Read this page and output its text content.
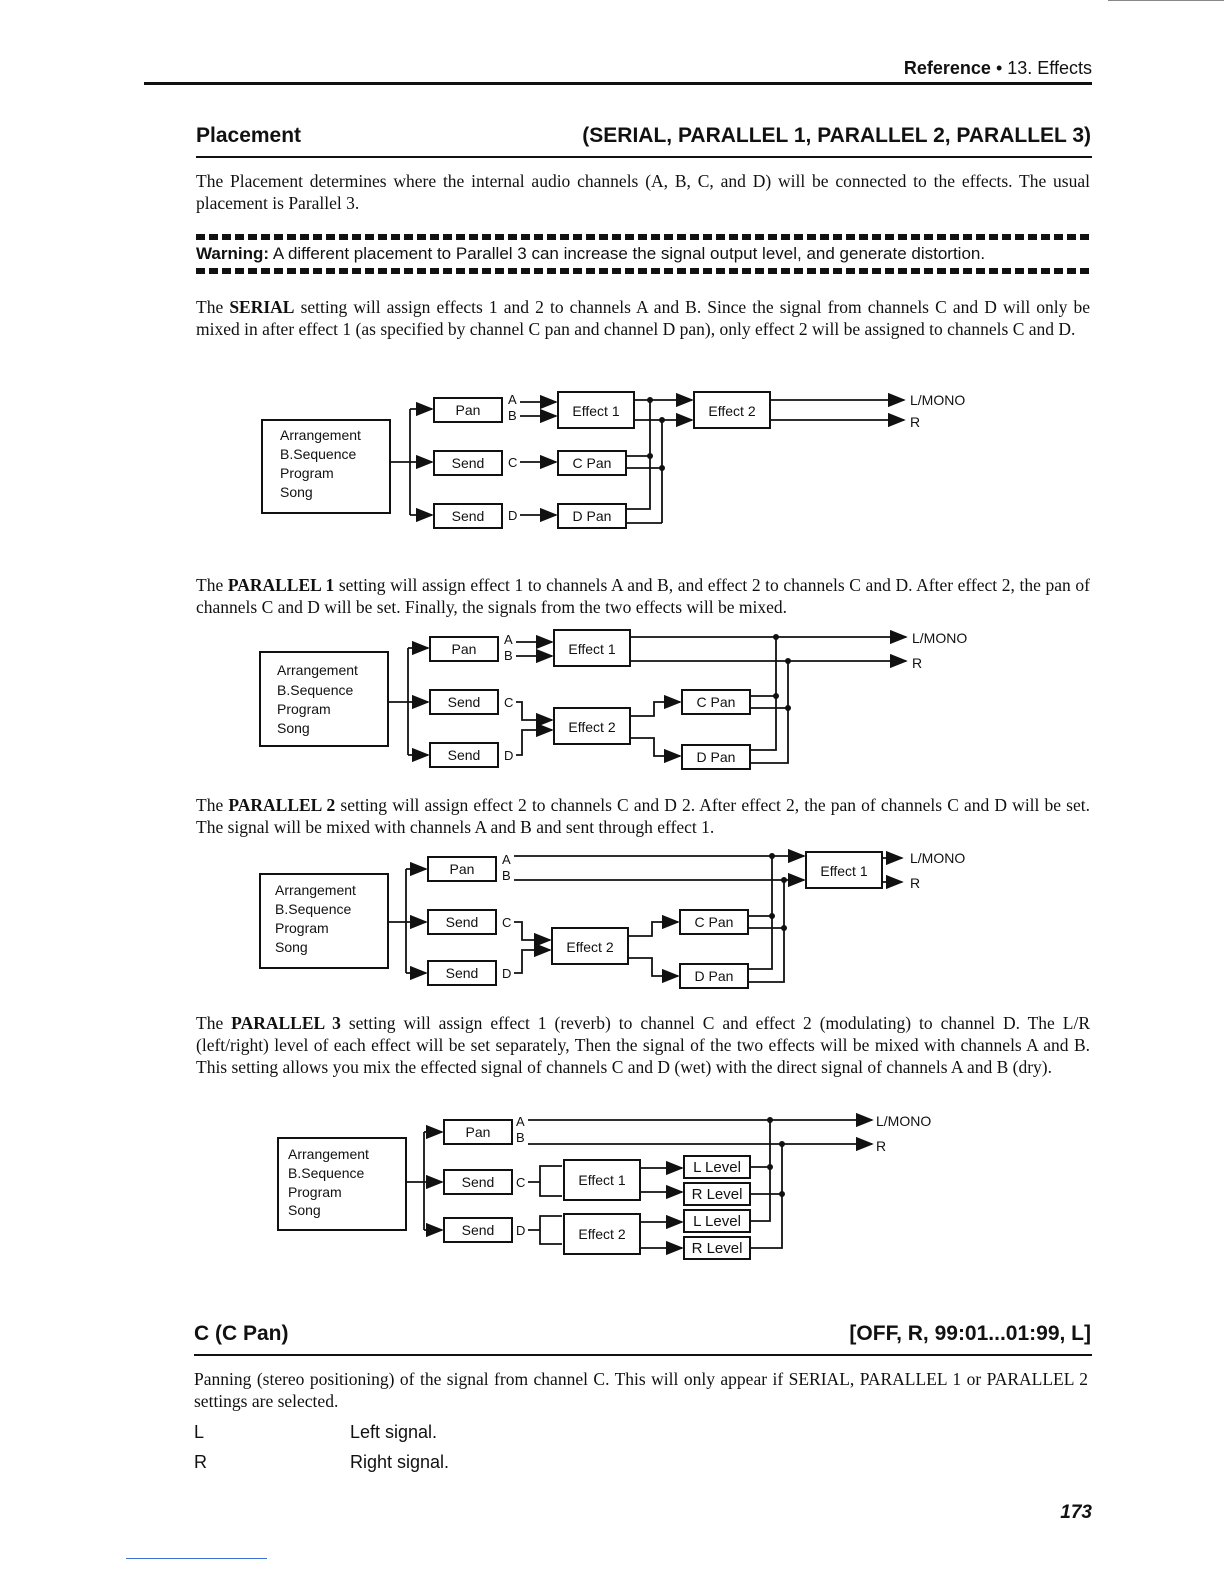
Reference • 13. Effects
Placement	(SERIAL, PARALLEL 1, PARALLEL 2, PARALLEL 3)
The Placement determines where the internal audio channels (A, B, C, and D) will be connected to the effects. The usual placement is Parallel 3.
Warning: A different placement to Parallel 3 can increase the signal output level, and generate distortion.
The SERIAL setting will assign effects 1 and 2 to channels A and B. Since the signal from channels C and D will only be mixed in after effect 1 (as specified by channel C pan and channel D pan), only effect 2 will be assigned to channels C and D.
Arrangement
B.Sequence
Program
Song
Pan
Send
Send
A
B
C
D
Effect 1
C Pan
D Pan
Effect 2
L/MONO
R
The PARALLEL 1 setting will assign effect 1 to channels A and B, and effect 2 to channels C and D. After effect 2, the pan of channels C and D will be set. Finally, the signals from the two effects will be mixed.
Arrangement
B.Sequence
Program
Song
Pan
Send
Send
A
B
C
D
Effect 1
L/MONO
R
Effect 2
C Pan
D Pan
The PARALLEL 2 setting will assign effect 2 to channels C and D 2. After effect 2, the pan of channels C and D will be set. The signal will be mixed with channels A and B and sent through effect 1.
Arrangement
B.Sequence
Program
Song
Pan
Send
Send
A
B
C
D
Effect 1
L/MONO
R
Effect 2
C Pan
D Pan
The PARALLEL 3 setting will assign effect 1 (reverb) to channel C and effect 2 (modulating) to channel D. The L/R (left/right) level of each effect will be set separately, Then the signal of the two effects will be mixed with channels A and B. This setting allows you mix the effected signal of channels C and D (wet) with the direct signal of channels A and B (dry).
Arrangement
B.Sequence
Program
Song
Pan
Send
Send
A
B
C
D
L/MONO
R
Effect 1
Effect 2
L Level
R Level
L Level
R Level
C (C Pan)	[OFF, R, 99:01...01:99, L]
Panning (stereo positioning) of the signal from channel C. This will only appear if SERIAL, PARALLEL 1 or PARALLEL 2 settings are selected.
L	Left signal.
R	Right signal.
173
